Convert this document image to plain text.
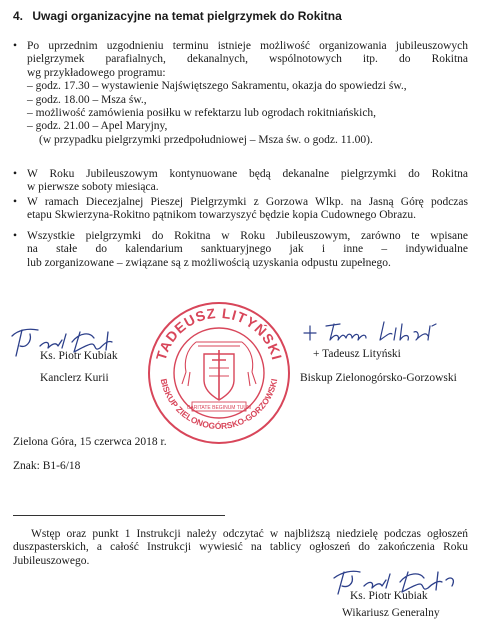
4. Uwagi organizacyjne na temat pielgrzymek do Rokitna
• Po uprzednim uzgodnieniu terminu istnieje możliwość organizowania jubileuszowych
pielgrzymek parafialnych, dekanalnych, wspólnotowych itp. do Rokitna
wg przykładowego programu:
– godz. 17.30 – wystawienie Najświętszego Sakramentu, okazja do spowiedzi św.,
– godz. 18.00 – Msza św.,
– możliwość zamówienia posiłku w refektarzu lub ogrodach rokitniańskich,
– godz. 21.00 – Apel Maryjny,
(w przypadku pielgrzymki przedpołudniowej – Msza św. o godz. 11.00).
• W Roku Jubileuszowym kontynuowane będą dekanalne pielgrzymki do Rokitna
w pierwsze soboty miesiąca.
• W ramach Diecezjalnej Pieszej Pielgrzymki z Gorzowa Wlkp. na Jasną Górę podczas
etapu Skwierzyna-Rokitno pątnikom towarzyszyć będzie kopia Cudownego Obrazu.
• Wszystkie pielgrzymki do Rokitna w Roku Jubileuszowym, zarówno te wpisane
na stałe do kalendarium sanktuaryjnego jak i inne – indywidualne
lub zorganizowane – związane są z możliwością uzyskania odpustu zupełnego.
Ks. Piotr Kubiak
Kanclerz Kurii
TADEUSZ LITYŃSKI
BISKUP ZIELONOGÓRSKO-GORZOWSKI
CARITATE BEGINUM TUUM
+ Tadeusz Lityński
Biskup Zielonogórsko-Gorzowski
Zielona Góra, 15 czerwca 2018 r.
Znak: B1-6/18
Wstęp oraz punkt 1 Instrukcji należy odczytać w najbliższą niedzielę podczas ogłoszeń
duszpasterskich, a całość Instrukcji wywiesić na tablicy ogłoszeń do zakończenia Roku
Jubileuszowego.
Ks. Piotr Kubiak
Wikariusz Generalny
